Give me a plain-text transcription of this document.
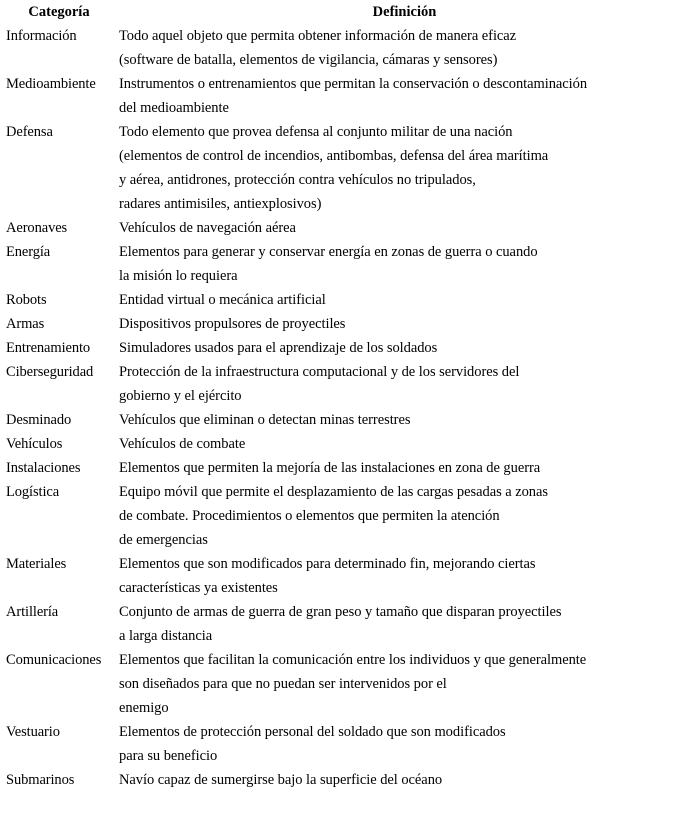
Categoría	Definición
Información	Todo aquel objeto que permita obtener información de manera eficaz
(software de batalla, elementos de vigilancia, cámaras y sensores)
Medioambiente	Instrumentos o entrenamientos que permitan la conservación o descontaminación
del medioambiente
Defensa	Todo elemento que provea defensa al conjunto militar de una nación
(elementos de control de incendios, antibombas, defensa del área marítima
y aérea, antidrones, protección contra vehículos no tripulados,
radares antimisiles, antiexplosivos)
Aeronaves	Vehículos de navegación aérea
Energía	Elementos para generar y conservar energía en zonas de guerra o cuando
la misión lo requiera
Robots	Entidad virtual o mecánica artificial
Armas	Dispositivos propulsores de proyectiles
Entrenamiento	Simuladores usados para el aprendizaje de los soldados
Ciberseguridad	Protección de la infraestructura computacional y de los servidores del
gobierno y el ejército
Desminado	Vehículos que eliminan o detectan minas terrestres
Vehículos	Vehículos de combate
Instalaciones	Elementos que permiten la mejoría de las instalaciones en zona de guerra
Logística	Equipo móvil que permite el desplazamiento de las cargas pesadas a zonas
de combate. Procedimientos o elementos que permiten la atención
de emergencias
Materiales	Elementos que son modificados para determinado fin, mejorando ciertas
características ya existentes
Artillería	Conjunto de armas de guerra de gran peso y tamaño que disparan proyectiles
a larga distancia
Comunicaciones	Elementos que facilitan la comunicación entre los individuos y que generalmente
son diseñados para que no puedan ser intervenidos por el
enemigo
Vestuario	Elementos de protección personal del soldado que son modificados
para su beneficio
Submarinos	Navío capaz de sumergirse bajo la superficie del océano
